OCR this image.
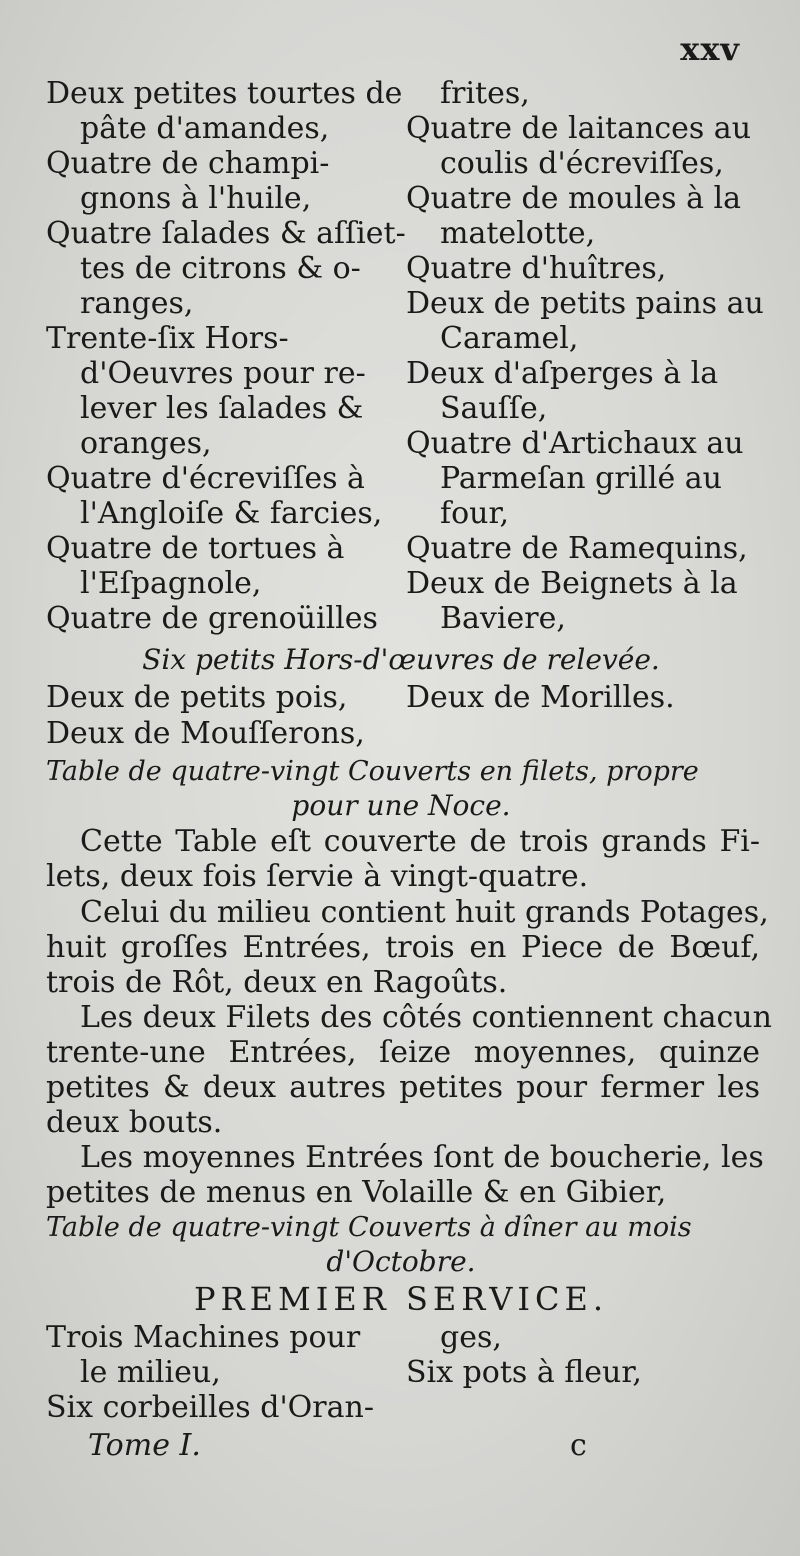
xxv
Deux petites tourtes de
pâte d'amandes,
Quatre de champi-
gnons à l'huile,
Quatre ſalades & aſſiet-
tes de citrons & o-
ranges,
Trente-ſix Hors-
d'Oeuvres pour re-
lever les ſalades &
oranges,
Quatre d'écreviſſes à
l'Angloiſe & farcies,
Quatre de tortues à
l'Eſpagnole,
Quatre de grenoüilles
frites,
Quatre de laitances au
coulis d'écreviſſes,
Quatre de moules à la
matelotte,
Quatre d'huîtres,
Deux de petits pains au
Caramel,
Deux d'aſperges à la
Sauſſe,
Quatre d'Artichaux au
Parmeſan grillé au
four,
Quatre de Ramequins,
Deux de Beignets à la
Baviere,
Six petits Hors-d'œuvres de relevée.
Deux de petits pois,	Deux de Morilles.
Deux de Mouſſerons,
Table de quatre-vingt Couverts en filets, propre
pour une Noce.
Cette Table eſt couverte de trois grands Fi-
lets, deux fois ſervie à vingt-quatre.
Celui du milieu contient huit grands Potages,
huit groſſes Entrées, trois en Piece de Bœuf,
trois de Rôt, deux en Ragoûts.
Les deux Filets des côtés contiennent chacun
trente-une Entrées, ſeize moyennes, quinze
petites & deux autres petites pour fermer les
deux bouts.
Les moyennes Entrées ſont de boucherie, les
petites de menus en Volaille & en Gibier,
Table de quatre-vingt Couverts à dîner au mois
d'Octobre.
PREMIER SERVICE.
Trois Machines pour
le milieu,
Six corbeilles d'Oran-
ges,
Six pots à fleur,
Tome I.	c
